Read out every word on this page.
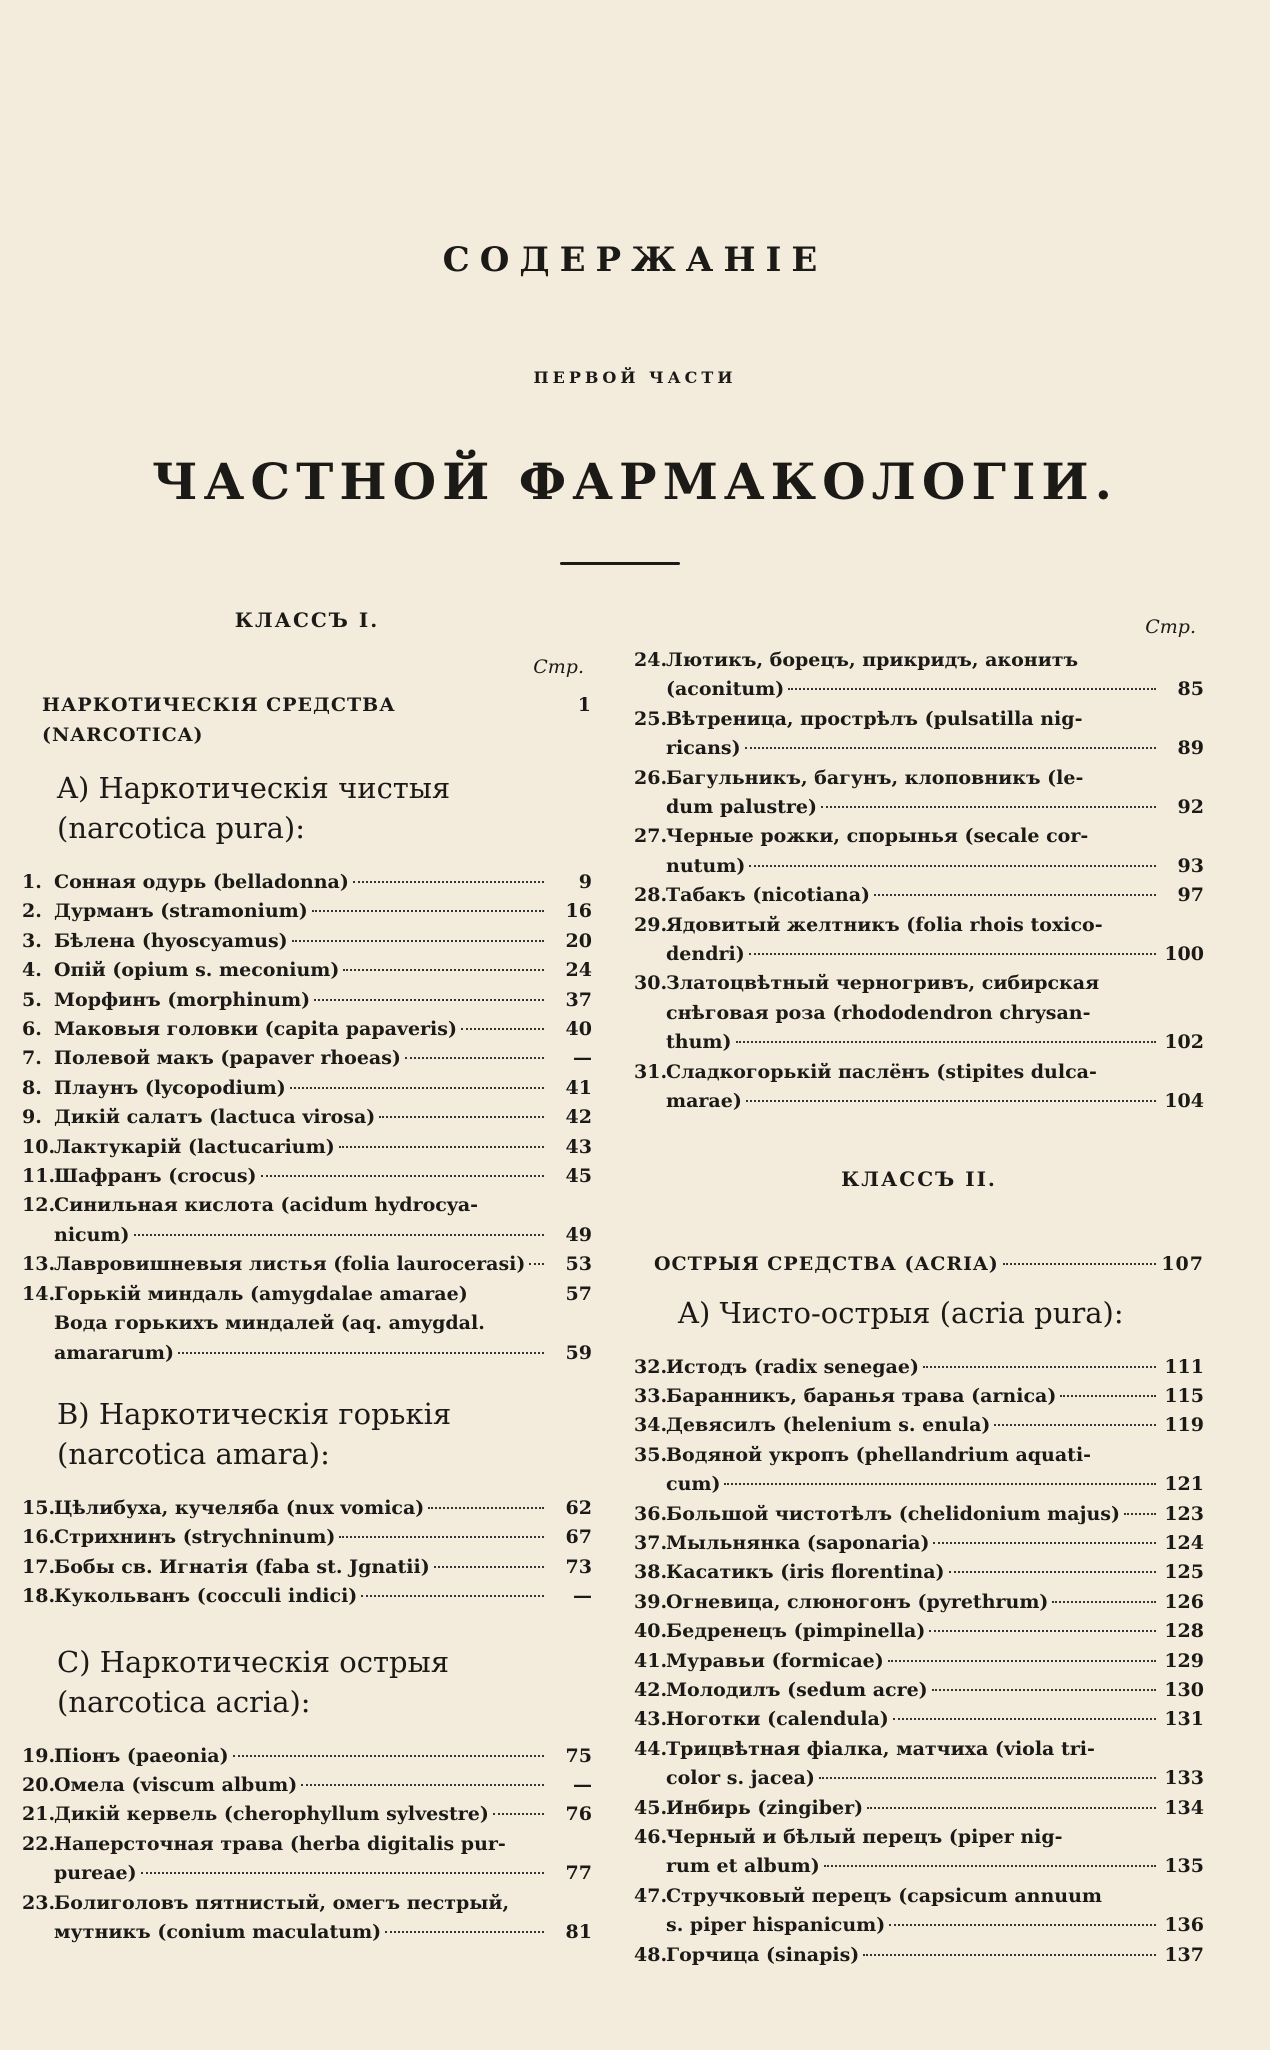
СОДЕРЖАНІЕ
ПЕРВОЙ ЧАСТИ
ЧАСТНОЙ ФАРМАКОЛОГІИ.
КЛАССЪ I.
Стр.
НАРКОТИЧЕСКІЯ СРЕДСТВА (NARCOTICA)
1
A) Наркотическія чистыя (narcotica pura):
1. Сонная одурь (belladonna)	9
2. Дурманъ (stramonium)	16
3. Бѣлена (hyoscyamus)	20
4. Опій (opium s. meconium)	24
5. Морфинъ (morphinum)	37
6. Маковыя головки (capita papaveris)	40
7. Полевой макъ (papaver rhoeas)	—
8. Плаунъ (lycopodium)	41
9. Дикій салатъ (lactuca virosa)	42
10.
Лактукарій (lactucarium)	43
11.
Шафранъ (crocus)	45
12.
Синильная кислота (acidum hydrocya-
nicum)	49
13.
Лавровишневыя листья (folia laurocerasi)	53
14.
Горькій миндаль (amygdalae amarae)	57
Вода горькихъ миндалей (aq. amygdal.
amararum)	59
B) Наркотическія горькія (narcotica amara):
15.
Цѣлибуха, кучеляба (nux vomica)	62
16.
Стрихнинъ (strychninum)	67
17.
Бобы св. Игнатія (faba st. Jgnatii)	73
18.
Кукольванъ (cocculi indici)	—
C) Наркотическія острыя (narcotica acria):
19.
Піонъ (paeonia)	75
20.
Омела (viscum album)	—
21.
Дикій кервель (cherophyllum sylvestre)	76
22.
Наперсточная трава (herba digitalis pur-
pureae)	77
23.
Болиголовъ пятнистый, омегъ пестрый,
мутникъ (conium maculatum)	81
Стр.
24.
Лютикъ, борецъ, прикридъ, аконитъ
(aconitum)	85
25.
Вѣтреница, прострѣлъ (pulsatilla nig-
ricans)	89
26.
Багульникъ, багунъ, клоповникъ (le-
dum palustre)	92
27.
Черные рожки, спорынья (secale cor-
nutum)	93
28.
Табакъ (nicotiana)	97
29.
Ядовитый желтникъ (folia rhois toxico-
dendri)	100
30.
Златоцвѣтный черногривъ, сибирская
снѣговая роза (rhododendron chrysan-
thum)	102
31.
Сладкогорькій паслёнъ (stipites dulca-
marae)	104
КЛАССЪ II.
ОСТРЫЯ СРЕДСТВА (ACRIA)	107
A) Чисто-острыя (acria pura):
32.
Истодъ (radix senegae)	111
33.
Баранникъ, баранья трава (arnica)	115
34.
Девясилъ (helenium s. enula)	119
35.
Водяной укропъ (phellandrium aquati-
cum)	121
36.
Большой чистотѣлъ (chelidonium majus) 123
37.
Мыльнянка (saponaria)	124
38.
Касатикъ (iris florentina)	125
39.
Огневица, слюногонъ (pyrethrum)	126
40.
Бедренецъ (pimpinella)	128
41.
Муравьи (formicae)	129
42.
Молодилъ (sedum acre)	130
43.
Ноготки (calendula)	131
44.
Трицвѣтная фіалка, матчиха (viola tri-
color s. jacea)	133
45.
Инбирь (zingiber)	134
46.
Черный и бѣлый перецъ (piper nig-
rum et album)	135
47.
Стручковый перецъ (capsicum annuum
s. piper hispanicum)	136
48.
Горчица (sinapis)	137
